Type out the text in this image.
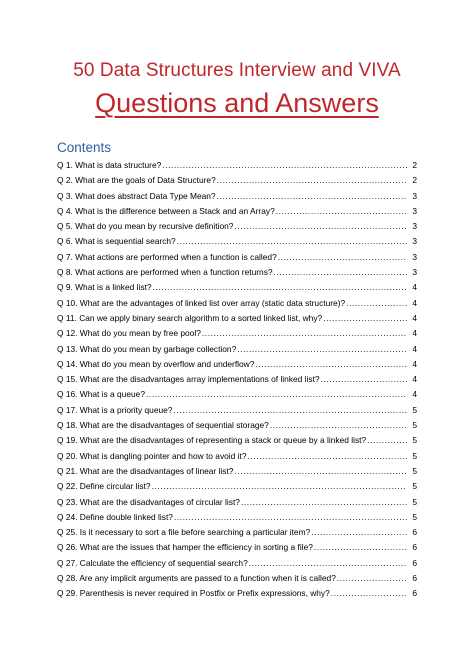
50 Data Structures Interview and VIVA
Questions and Answers
Contents
Q 1. What is data structure? .....	2
Q 2. What are the goals of Data Structure? .....	2
Q 3. What does abstract Data Type Mean? .....	3
Q 4. What is the difference between a Stack and an Array? .....	3
Q 5. What do you mean by recursive definition? .....	3
Q 6. What is sequential search? .....	3
Q 7. What actions are performed when a function is called? .....	3
Q 8. What actions are performed when a function returns? .....	3
Q 9. What is a linked list? .....	4
Q 10. What are the advantages of linked list over array (static data structure)? .....	4
Q 11. Can we apply binary search algorithm to a sorted linked list, why? .....	4
Q 12. What do you mean by free pool? .....	4
Q 13. What do you mean by garbage collection? .....	4
Q 14. What do you mean by overflow and underflow? .....	4
Q 15. What are the disadvantages array implementations of linked list? .....	4
Q 16. What is a queue? .....	4
Q 17. What is a priority queue? .....	5
Q 18. What are the disadvantages of sequential storage? .....	5
Q 19. What are the disadvantages of representing a stack or queue by a linked list? .....	5
Q 20. What is dangling pointer and how to avoid it? .....	5
Q 21. What are the disadvantages of linear list? .....	5
Q 22. Define circular list? .....	5
Q 23. What are the disadvantages of circular list? .....	5
Q 24. Define double linked list? .....	5
Q 25. Is it necessary to sort a file before searching a particular item? .....	6
Q 26. What are the issues that hamper the efficiency in sorting a file? .....	6
Q 27. Calculate the efficiency of sequential search? .....	6
Q 28. Are any implicit arguments are passed to a function when it is called? .....	6
Q 29. Parenthesis is never required in Postfix or Prefix expressions, why? .....	6
